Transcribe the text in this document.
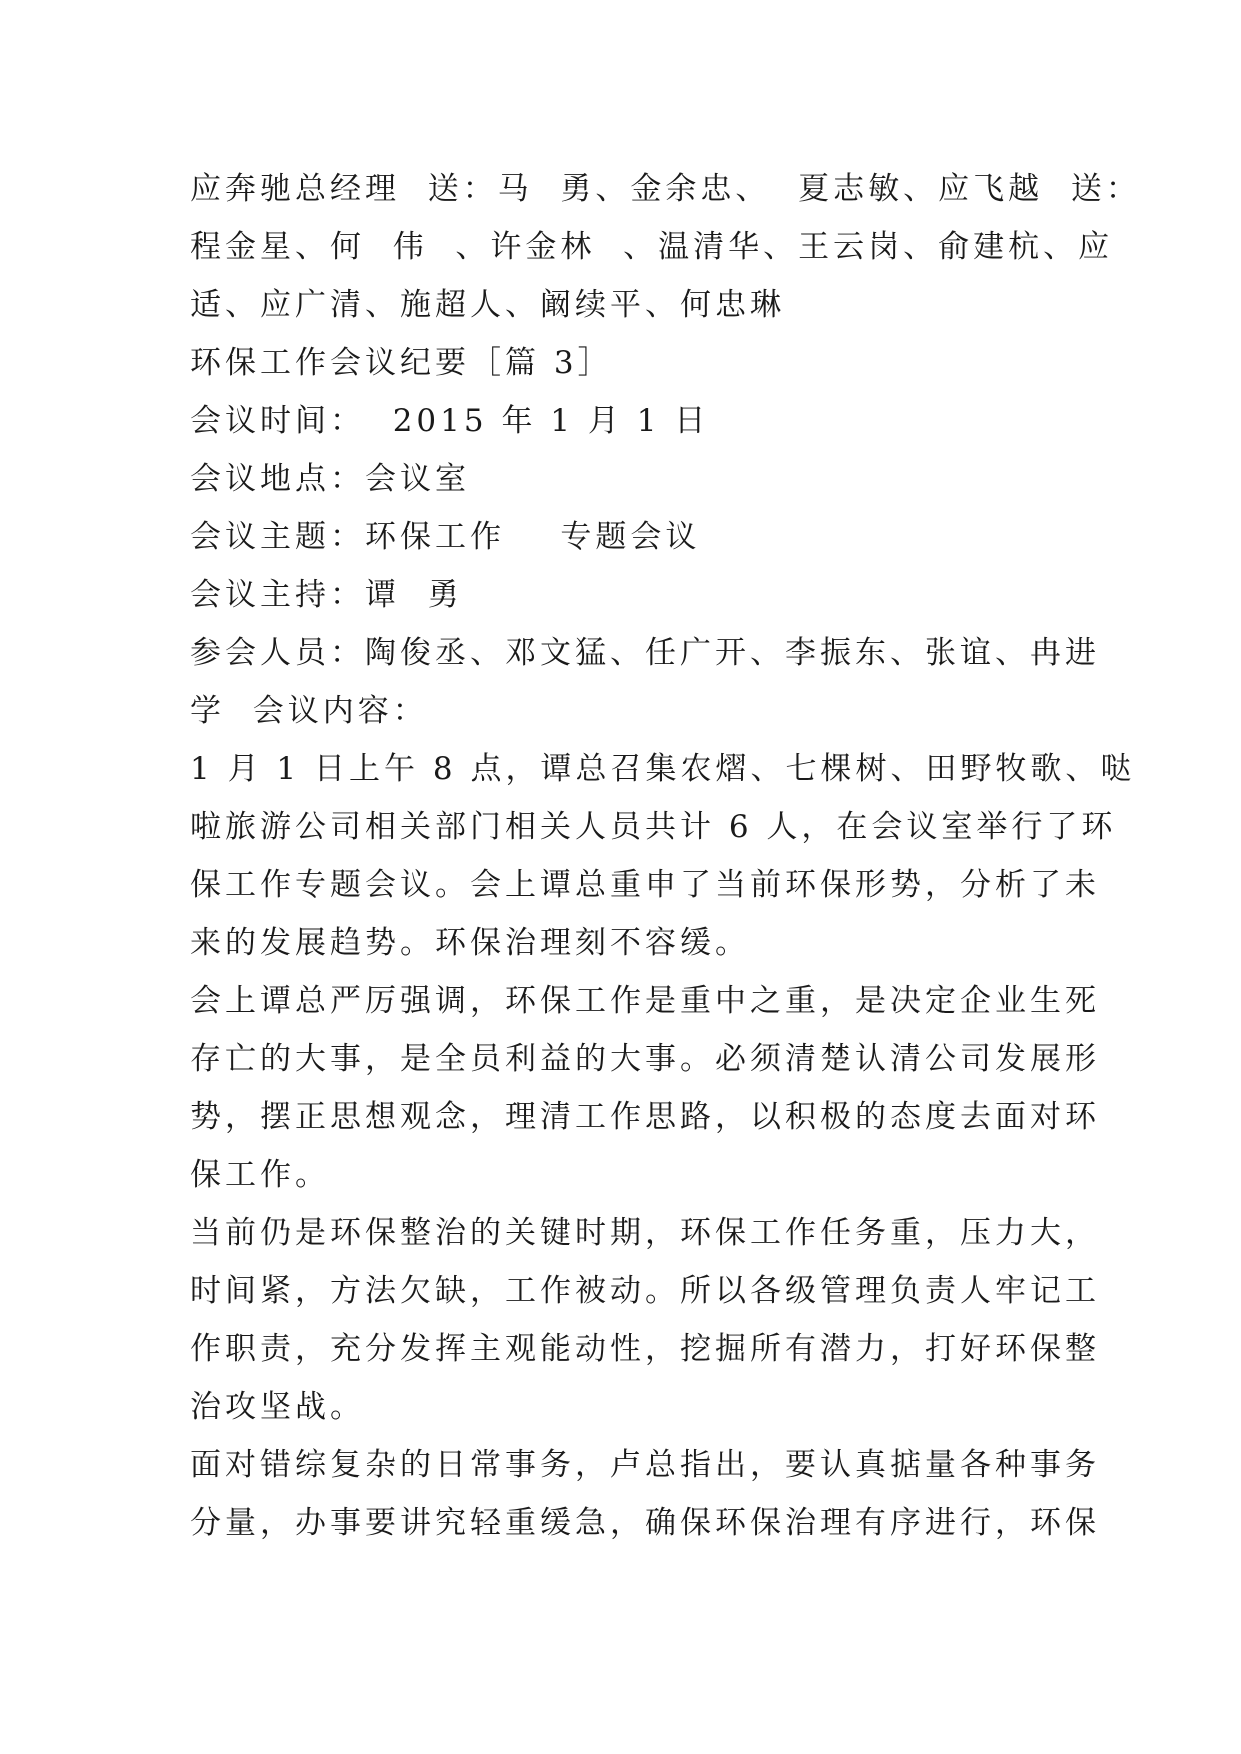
应奔驰总经理  送：马  勇、金余忠、  夏志敏、应飞越  送：
程金星、何  伟  、许金林  、温清华、王云岗、俞建杭、应
适、应广清、施超人、阚续平、何忠琳
环保工作会议纪要［篇 3］
会议时间：  2015 年 1 月 1 日
会议地点：会议室
会议主题：环保工作    专题会议
会议主持：谭  勇
参会人员：陶俊丞、邓文猛、任广开、李振东、张谊、冉进
学  会议内容：
1 月 1 日上午 8 点，谭总召集农熠、七棵树、田野牧歌、哒
啦旅游公司相关部门相关人员共计 6 人，在会议室举行了环
保工作专题会议。会上谭总重申了当前环保形势，分析了未
来的发展趋势。环保治理刻不容缓。
会上谭总严厉强调，环保工作是重中之重，是决定企业生死
存亡的大事，是全员利益的大事。必须清楚认清公司发展形
势，摆正思想观念，理清工作思路，以积极的态度去面对环
保工作。
当前仍是环保整治的关键时期，环保工作任务重，压力大，
时间紧，方法欠缺，工作被动。所以各级管理负责人牢记工
作职责，充分发挥主观能动性，挖掘所有潜力，打好环保整
治攻坚战。
面对错综复杂的日常事务，卢总指出，要认真掂量各种事务
分量，办事要讲究轻重缓急，确保环保治理有序进行，环保
